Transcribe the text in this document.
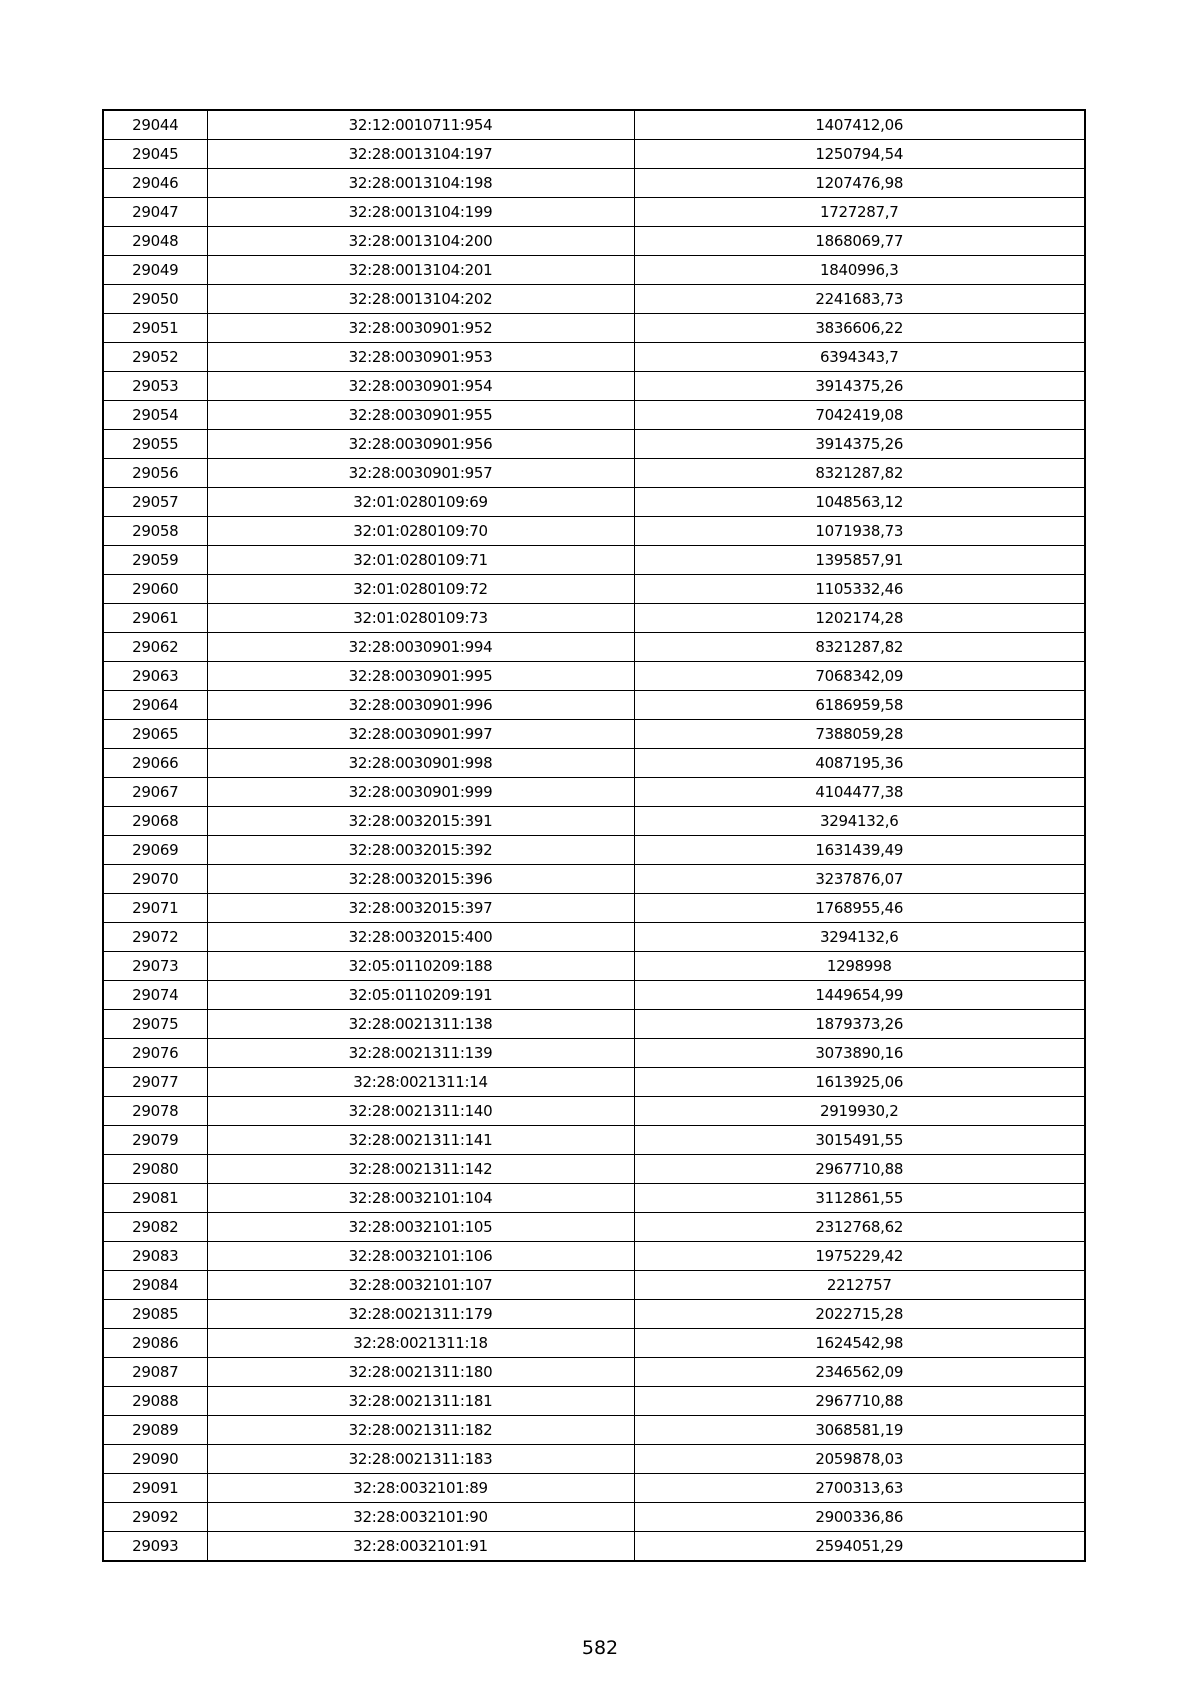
29044	32:12:0010711:954	1407412,06
29045	32:28:0013104:197	1250794,54
29046	32:28:0013104:198	1207476,98
29047	32:28:0013104:199	1727287,7
29048	32:28:0013104:200	1868069,77
29049	32:28:0013104:201	1840996,3
29050	32:28:0013104:202	2241683,73
29051	32:28:0030901:952	3836606,22
29052	32:28:0030901:953	6394343,7
29053	32:28:0030901:954	3914375,26
29054	32:28:0030901:955	7042419,08
29055	32:28:0030901:956	3914375,26
29056	32:28:0030901:957	8321287,82
29057	32:01:0280109:69	1048563,12
29058	32:01:0280109:70	1071938,73
29059	32:01:0280109:71	1395857,91
29060	32:01:0280109:72	1105332,46
29061	32:01:0280109:73	1202174,28
29062	32:28:0030901:994	8321287,82
29063	32:28:0030901:995	7068342,09
29064	32:28:0030901:996	6186959,58
29065	32:28:0030901:997	7388059,28
29066	32:28:0030901:998	4087195,36
29067	32:28:0030901:999	4104477,38
29068	32:28:0032015:391	3294132,6
29069	32:28:0032015:392	1631439,49
29070	32:28:0032015:396	3237876,07
29071	32:28:0032015:397	1768955,46
29072	32:28:0032015:400	3294132,6
29073	32:05:0110209:188	1298998
29074	32:05:0110209:191	1449654,99
29075	32:28:0021311:138	1879373,26
29076	32:28:0021311:139	3073890,16
29077	32:28:0021311:14	1613925,06
29078	32:28:0021311:140	2919930,2
29079	32:28:0021311:141	3015491,55
29080	32:28:0021311:142	2967710,88
29081	32:28:0032101:104	3112861,55
29082	32:28:0032101:105	2312768,62
29083	32:28:0032101:106	1975229,42
29084	32:28:0032101:107	2212757
29085	32:28:0021311:179	2022715,28
29086	32:28:0021311:18	1624542,98
29087	32:28:0021311:180	2346562,09
29088	32:28:0021311:181	2967710,88
29089	32:28:0021311:182	3068581,19
29090	32:28:0021311:183	2059878,03
29091	32:28:0032101:89	2700313,63
29092	32:28:0032101:90	2900336,86
29093	32:28:0032101:91	2594051,29
582
